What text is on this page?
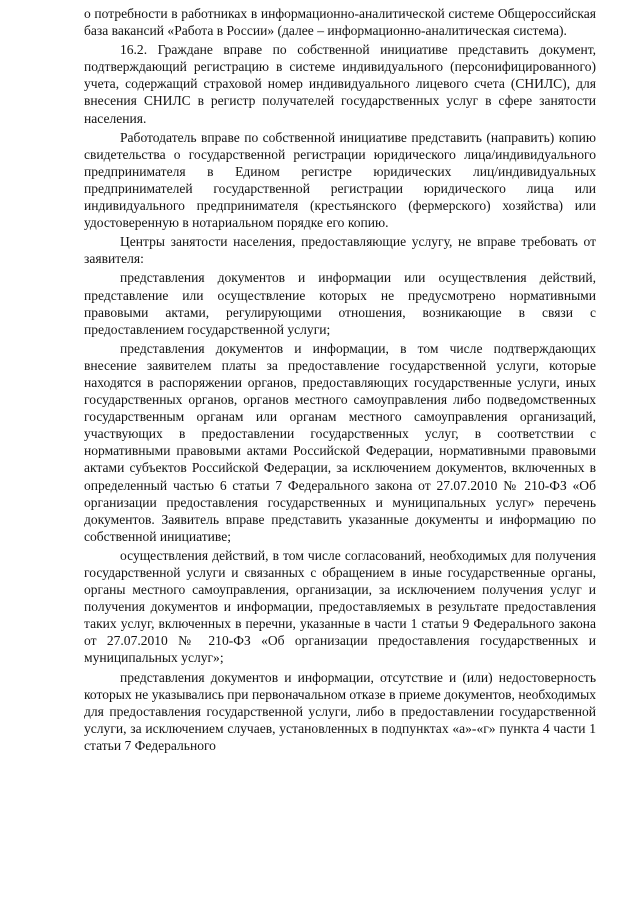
о потребности в работниках в информационно-аналитической системе Общероссийская база вакансий «Работа в России» (далее – информационно-аналитическая система).

16.2. Граждане вправе по собственной инициативе представить документ, подтверждающий регистрацию в системе индивидуального (персонифицированного) учета, содержащий страховой номер индивидуального лицевого счета (СНИЛС), для внесения СНИЛС в регистр получателей государственных услуг в сфере занятости населения.

Работодатель вправе по собственной инициативе представить (направить) копию свидетельства о государственной регистрации юридического лица/индивидуального предпринимателя в Едином регистре юридических лиц/индивидуальных предпринимателей государственной регистрации юридического лица или индивидуального предпринимателя (крестьянского (фермерского) хозяйства) или удостоверенную в нотариальном порядке его копию.

Центры занятости населения, предоставляющие услугу, не вправе требовать от заявителя:

представления документов и информации или осуществления действий, представление или осуществление которых не предусмотрено нормативными правовыми актами, регулирующими отношения, возникающие в связи с предоставлением государственной услуги;

представления документов и информации, в том числе подтверждающих внесение заявителем платы за предоставление государственной услуги, которые находятся в распоряжении органов, предоставляющих государственные услуги, иных государственных органов, органов местного самоуправления либо подведомственных государственным органам или органам местного самоуправления организаций, участвующих в предоставлении государственных услуг, в соответствии с нормативными правовыми актами Российской Федерации, нормативными правовыми актами субъектов Российской Федерации, за исключением документов, включенных в определенный частью 6 статьи 7 Федерального закона от 27.07.2010 № 210-ФЗ «Об организации предоставления государственных и муниципальных услуг» перечень документов. Заявитель вправе представить указанные документы и информацию по собственной инициативе;

осуществления действий, в том числе согласований, необходимых для получения государственной услуги и связанных с обращением в иные государственные органы, органы местного самоуправления, организации, за исключением получения услуг и получения документов и информации, предоставляемых в результате предоставления таких услуг, включенных в перечни, указанные в части 1 статьи 9 Федерального закона от 27.07.2010 № 210-ФЗ «Об организации предоставления государственных и муниципальных услуг»;

представления документов и информации, отсутствие и (или) недостоверность которых не указывались при первоначальном отказе в приеме документов, необходимых для предоставления государственной услуги, либо в предоставлении государственной услуги, за исключением случаев, установленных в подпунктах «а»-«г» пункта 4 части 1 статьи 7 Федерального
